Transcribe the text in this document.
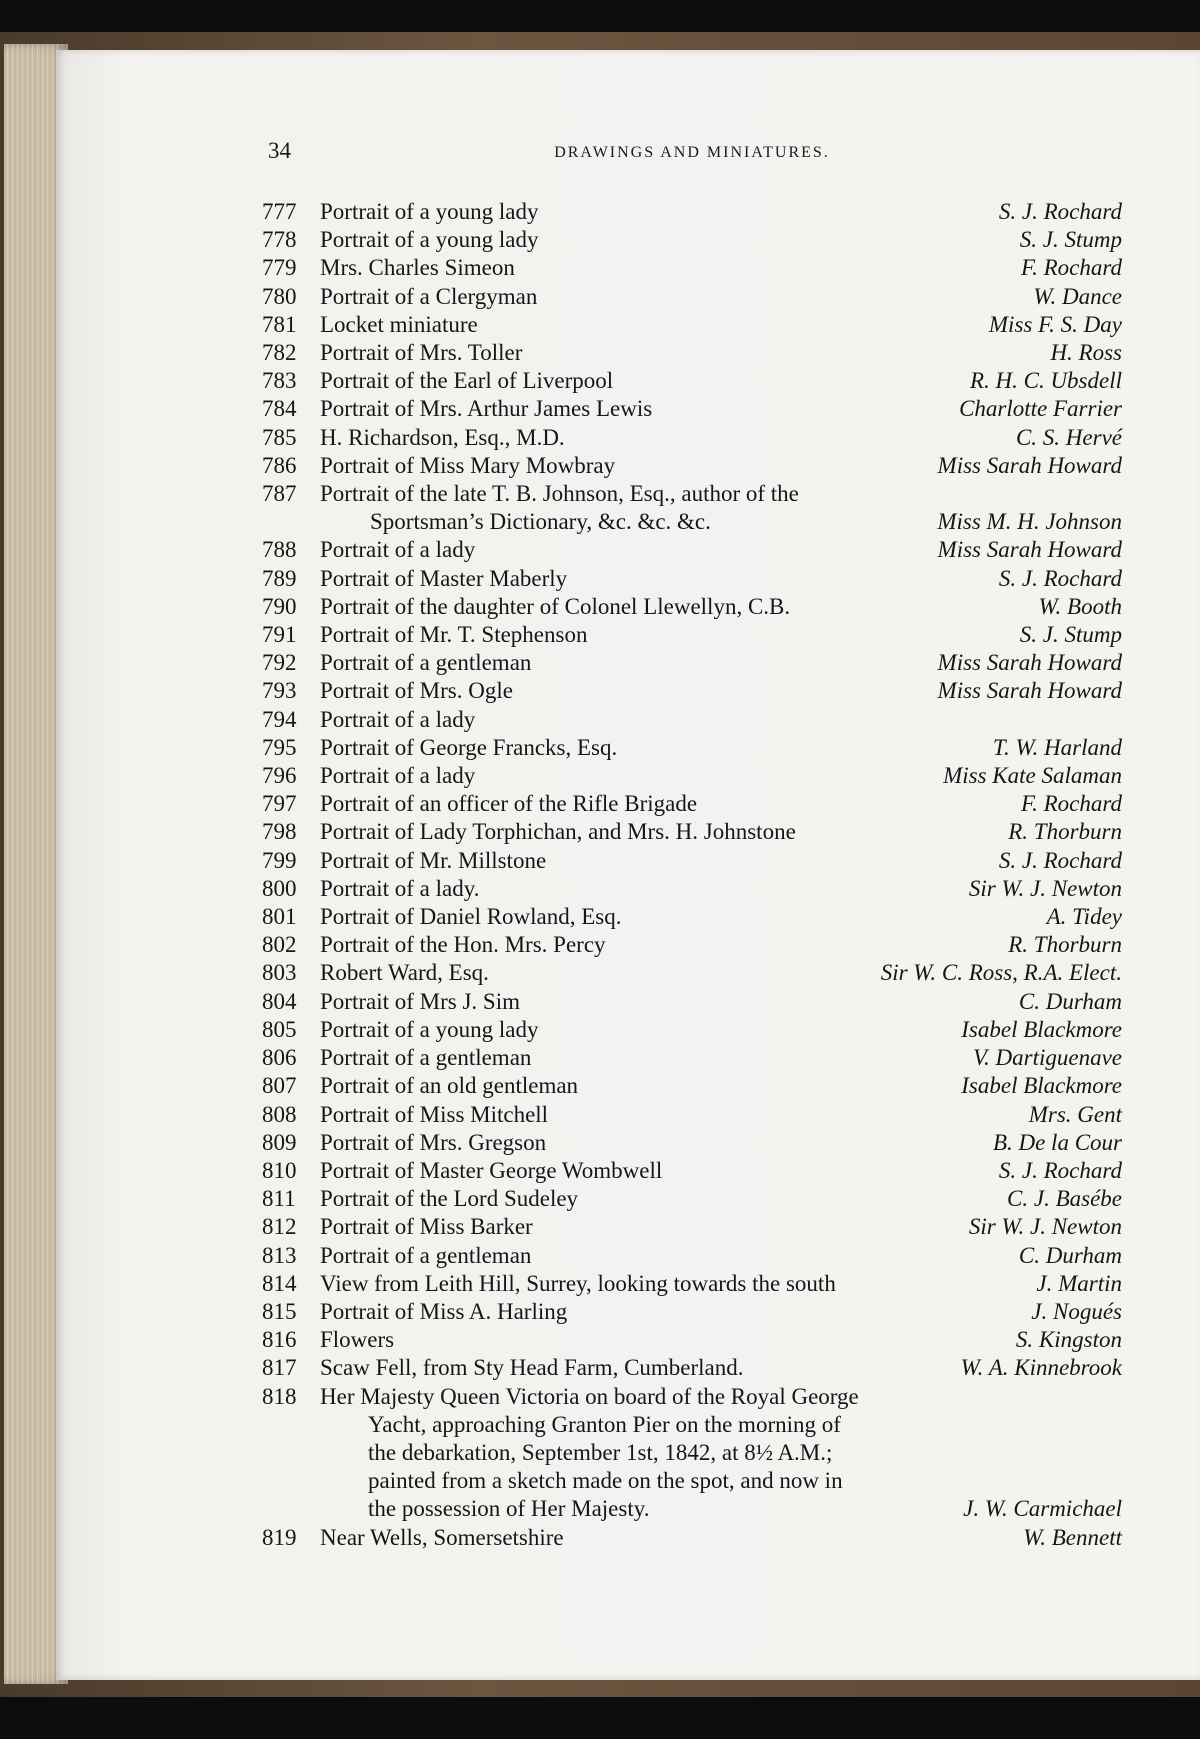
34	DRAWINGS AND MINIATURES.
777	Portrait of a young lady	S. J. Rochard
778	Portrait of a young lady	S. J. Stump
779	Mrs. Charles Simeon	F. Rochard
780	Portrait of a Clergyman	W. Dance
781	Locket miniature	Miss F. S. Day
782	Portrait of Mrs. Toller	H. Ross
783	Portrait of the Earl of Liverpool	R. H. C. Ubsdell
784	Portrait of Mrs. Arthur James Lewis	Charlotte Farrier
785	H. Richardson, Esq., M.D.	C. S. Hervé
786	Portrait of Miss Mary Mowbray	Miss Sarah Howard
787	Portrait of the late T. B. Johnson, Esq., author of the
Sportsman’s Dictionary, &c. &c. &c.	Miss M. H. Johnson
788	Portrait of a lady	Miss Sarah Howard
789	Portrait of Master Maberly	S. J. Rochard
790	Portrait of the daughter of Colonel Llewellyn, C.B.	W. Booth
791	Portrait of Mr. T. Stephenson	S. J. Stump
792	Portrait of a gentleman	Miss Sarah Howard
793	Portrait of Mrs. Ogle	Miss Sarah Howard
794	Portrait of a lady
795	Portrait of George Francks, Esq.	T. W. Harland
796	Portrait of a lady	Miss Kate Salaman
797	Portrait of an officer of the Rifle Brigade	F. Rochard
798	Portrait of Lady Torphichan, and Mrs. H. Johnstone	R. Thorburn
799	Portrait of Mr. Millstone	S. J. Rochard
800	Portrait of a lady.	Sir W. J. Newton
801	Portrait of Daniel Rowland, Esq.	A. Tidey
802	Portrait of the Hon. Mrs. Percy	R. Thorburn
803	Robert Ward, Esq.	Sir W. C. Ross, R.A. Elect.
804	Portrait of Mrs J. Sim	C. Durham
805	Portrait of a young lady	Isabel Blackmore
806	Portrait of a gentleman	V. Dartiguenave
807	Portrait of an old gentleman	Isabel Blackmore
808	Portrait of Miss Mitchell	Mrs. Gent
809	Portrait of Mrs. Gregson	B. De la Cour
810	Portrait of Master George Wombwell	S. J. Rochard
811	Portrait of the Lord Sudeley	C. J. Basébe
812	Portrait of Miss Barker	Sir W. J. Newton
813	Portrait of a gentleman	C. Durham
814	View from Leith Hill, Surrey, looking towards the south	J. Martin
815	Portrait of Miss A. Harling	J. Nogués
816	Flowers	S. Kingston
817	Scaw Fell, from Sty Head Farm, Cumberland.	W. A. Kinnebrook
818	Her Majesty Queen Victoria on board of the Royal George
Yacht, approaching Granton Pier on the morning of
the debarkation, September 1st, 1842, at 8½ A.M.;
painted from a sketch made on the spot, and now in
the possession of Her Majesty.	J. W. Carmichael
819	Near Wells, Somersetshire	W. Bennett
